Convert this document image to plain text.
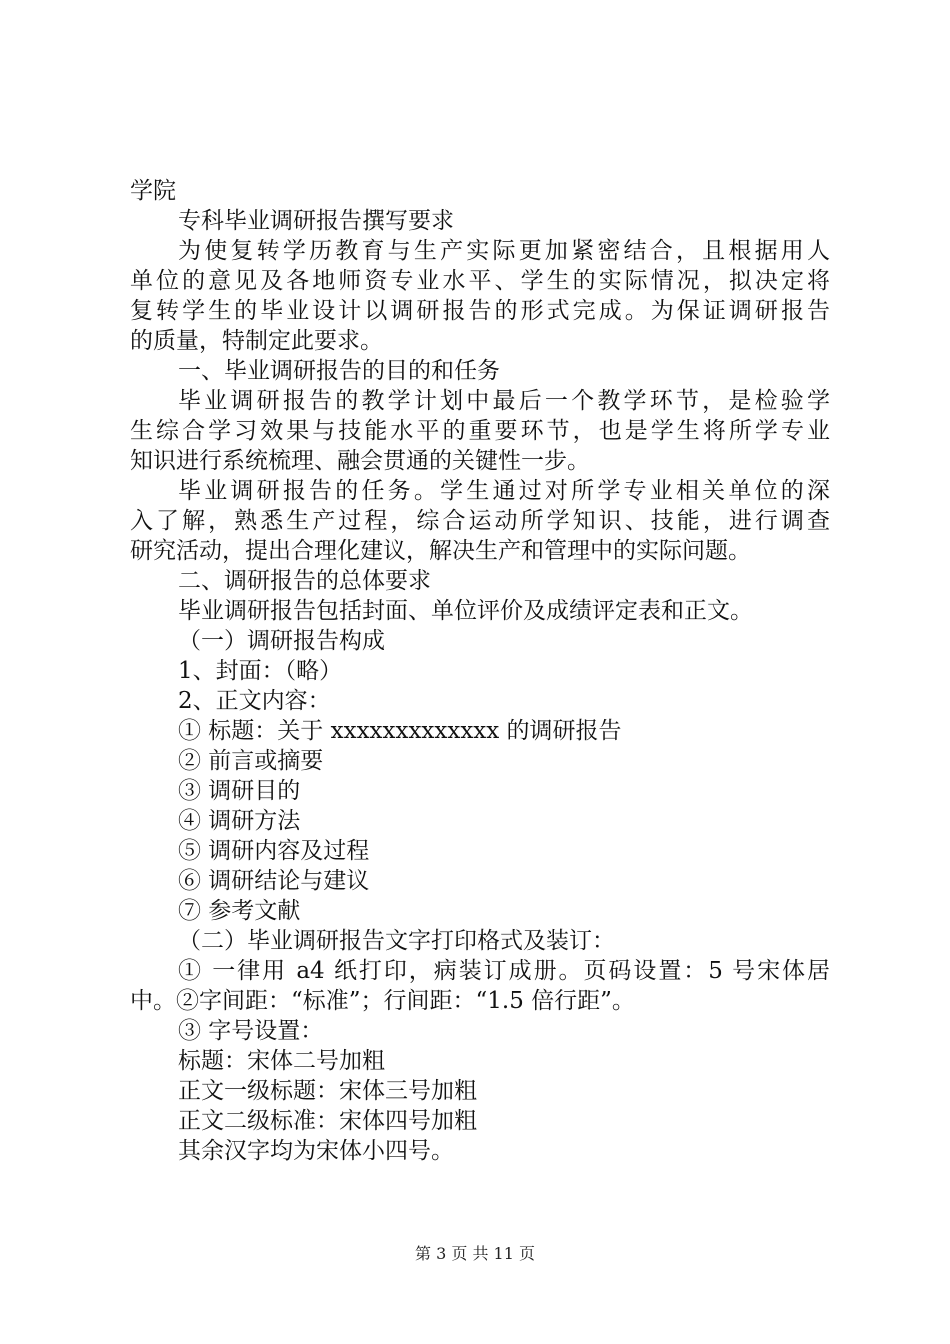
学院
专科毕业调研报告撰写要求
为使复转学历教育与生产实际更加紧密结合，且根据用人
单位的意见及各地师资专业水平、学生的实际情况，拟决定将
复转学生的毕业设计以调研报告的形式完成。为保证调研报告
的质量，特制定此要求。
一、毕业调研报告的目的和任务
毕业调研报告的教学计划中最后一个教学环节，是检验学
生综合学习效果与技能水平的重要环节，也是学生将所学专业
知识进行系统梳理、融会贯通的关键性一步。
毕业调研报告的任务。学生通过对所学专业相关单位的深
入了解，熟悉生产过程，综合运动所学知识、技能，进行调查
研究活动，提出合理化建议，解决生产和管理中的实际问题。
二、调研报告的总体要求
毕业调研报告包括封面、单位评价及成绩评定表和正文。
（一）调研报告构成
1、封面：（略）
2、正文内容：
① 标题：关于 xxxxxxxxxxxxx 的调研报告
② 前言或摘要
③ 调研目的
④ 调研方法
⑤ 调研内容及过程
⑥ 调研结论与建议
⑦ 参考文献
（二）毕业调研报告文字打印格式及装订：
① 一律用 a4 纸打印，病装订成册。页码设置：5 号宋体居
中。②字间距：“标准”；行间距：“1.5 倍行距”。
③ 字号设置：
标题：宋体二号加粗
正文一级标题：宋体三号加粗
正文二级标准：宋体四号加粗
其余汉字均为宋体小四号。
第 3 页 共 11 页
